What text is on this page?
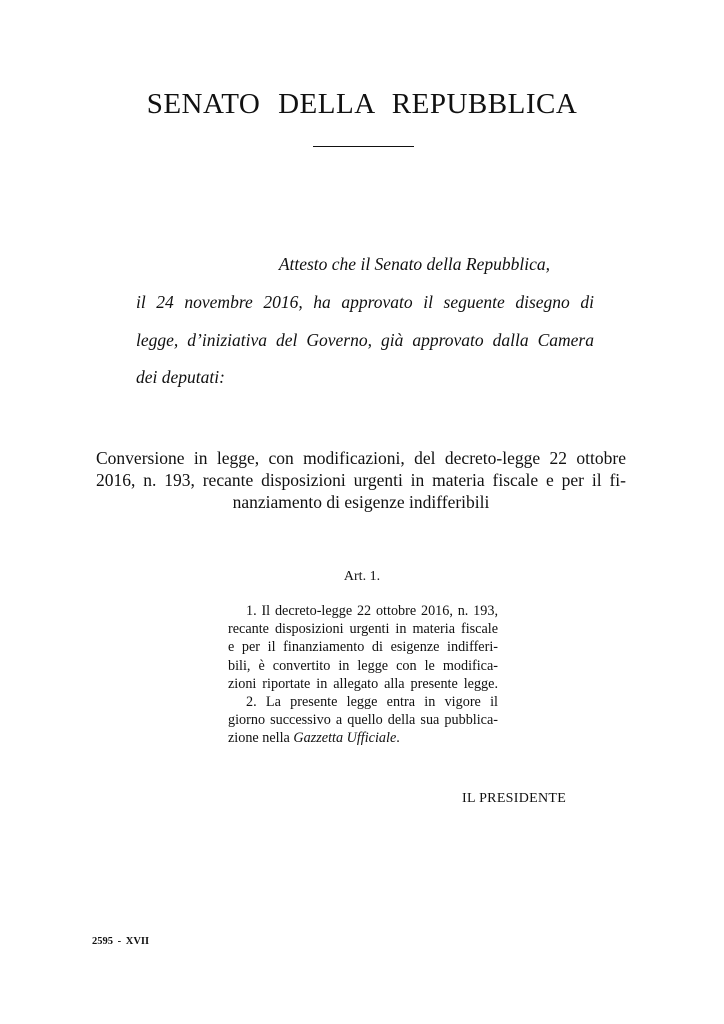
SENATO DELLA REPUBBLICA
Attesto che il Senato della Repubblica,
il 24 novembre 2016, ha approvato il seguente disegno di
legge, d’iniziativa del Governo, già approvato dalla Camera
dei deputati:
Conversione in legge, con modificazioni, del decreto-legge 22 ottobre
2016, n. 193, recante disposizioni urgenti in materia fiscale e per il fi-
nanziamento di esigenze indifferibili
Art. 1.
1. Il decreto-legge 22 ottobre 2016, n. 193,
recante disposizioni urgenti in materia fiscale
e per il finanziamento di esigenze indifferi-
bili, è convertito in legge con le modifica-
zioni riportate in allegato alla presente legge.
2. La presente legge entra in vigore il
giorno successivo a quello della sua pubblica-
zione nella Gazzetta Ufficiale.
IL PRESIDENTE
2595 - XVII
